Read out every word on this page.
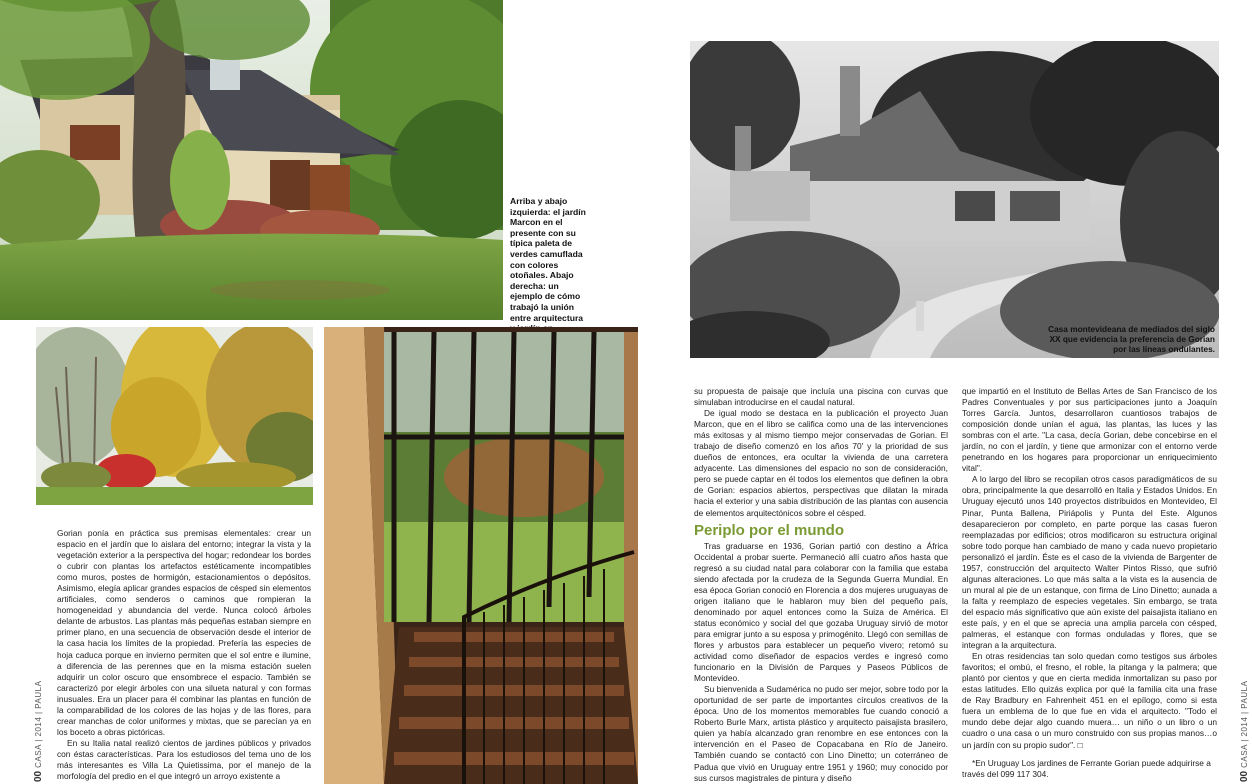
Arriba y abajo izquierda: el jardín Marcon en el presente con su típica paleta de verdes camuflada con colores otoñales. Abajo derecha: un ejemplo de cómo trabajó la unión entre arquitectura

Gorian ponía en práctica sus premisas elementales: crear un espacio en el jardín que lo aislara del entorno; integrar la vista y la vegetación exterior a la perspectiva del hogar; redondear los bordes o cubrir con plantas los artefactos estéticamente incompatibles como muros, postes de hormigón, estacionamientos o depósitos. Asimismo, elegía aplicar grandes espacios de césped sin elementos artificiales, como senderos o caminos que rompieran la homogeneidad y abundancia del verde. Nunca colocó árboles delante de arbustos. Las plantas más pequeñas estaban siempre en primer plano, en una secuencia de observación desde el interior de la casa hacia los límites de la propiedad. Prefería las especies de hoja caduca porque en invierno permiten que el sol entre e ilumine, a diferencia de las perennes que en la misma estación suelen adquirir un color oscuro que ensombrece el espacio. También se caracterizó por elegir árboles con una silueta natural y con formas inusuales. Era un placer para él combinar las plantas en función de la comparabilidad de los colores de las hojas y de las flores, para crear manchas de color uniformes y mixtas, que se parecían ya en los boceto a obras pictóricas.

En su Italia natal realizó cientos de jardines públicos y privados con éstas características. Para los estudiosos del tema uno de los más interesantes es Villa La Quietissima, por el manejo de la morfología del predio en el que integró un arroyo existente a

00CASA | 2014 | PAULA
Casa montevideana de mediados del siglo XX que evidencia la preferencia de Gorian por las líneas ondulantes.

su propuesta de paisaje que incluía una piscina con curvas que simulaban introducirse en el caudal natural.

De igual modo se destaca en la publicación el proyecto Juan Marcon, que en el libro se califica como una de las intervenciones más exitosas y al mismo tiempo mejor conservadas de Gorian. El trabajo de diseño comenzó en los años 70' y la prioridad de sus dueños de entonces, era ocultar la vivienda de una carretera adyacente. Las dimensiones del espacio no son de consideración, pero se puede captar en él todos los elementos que definen la obra de Gorian: espacios abiertos, perspectivas que dilatan la mirada hacia el exterior y una sabia distribución de las plantas con ausencia de elementos arquitectónicos sobre el césped.

Periplo por el mundo

Tras graduarse en 1936, Gorian partió con destino a África Occidental a probar suerte. Permaneció allí cuatro años hasta que regresó a su ciudad natal para colaborar con la familia que estaba siendo afectada por la crudeza de la Segunda Guerra Mundial. En esa época Gorian conoció en Florencia a dos mujeres uruguayas de origen italiano que le hablaron muy bien del pequeño país, denominado por aquel entonces como la Suiza de América. El status económico y social del que gozaba Uruguay sirvió de motor para emigrar junto a su esposa y primogénito. Llegó con semillas de flores y arbustos para establecer un pequeño vivero; retomó su actividad como diseñador de espacios verdes e ingresó como funcionario en la División de Parques y Paseos Públicos de Montevideo.

Su bienvenida a Sudamérica no pudo ser mejor, sobre todo por la oportunidad de ser parte de importantes círculos creativos de la época. Uno de los momentos memorables fue cuando conoció a Roberto Burle Marx, artista plástico y arquitecto paisajista brasilero, quien ya había alcanzado gran renombre en ese entonces con la intervención en el Paseo de Copacabana en Río de Janeiro. También cuando se contactó con Lino Dinetto; un coterráneo de Padua que vivió en Uruguay entre 1951 y 1960; muy conocido por sus cursos magistrales de pintura y diseño

que impartió en el Instituto de Bellas Artes de San Francisco de los Padres Conventuales y por sus participaciones junto a Joaquín Torres García. Juntos, desarrollaron cuantiosos trabajos de composición donde unían el agua, las plantas, las luces y las sombras con el arte. "La casa, decía Gorian, debe concebirse en el jardín, no con el jardín, y tiene que armonizar con el entorno verde penetrando en los hogares para proporcionar un enriquecimiento vital".

A lo largo del libro se recopilan otros casos paradigmáticos de su obra, principalmente la que desarrolló en Italia y Estados Unidos. En Uruguay ejecutó unos 140 proyectos distribuidos en Montevideo, El Pinar, Punta Ballena, Piriápolis y Punta del Este. Algunos desaparecieron por completo, en parte porque las casas fueron reemplazadas por edificios; otros modificaron su estructura original sobre todo porque han cambiado de mano y cada nuevo propietario personalizó el jardín. Éste es el caso de la vivienda de Bargenter de 1957, construcción del arquitecto Walter Pintos Risso, que sufrió algunas alteraciones. Lo que más salta a la vista es la ausencia de un mural al pie de un estanque, con firma de Lino Dinetto; aunada a la falta y reemplazo de especies vegetales. Sin embargo, se trata del espacio más significativo que aún existe del paisajista italiano en este país, y en el que se aprecia una amplia parcela con césped, palmeras, el estanque con formas onduladas y flores, que se integran a la arquitectura.

En otras residencias tan solo quedan como testigos sus árboles favoritos; el ombú, el fresno, el roble, la pitanga y la palmera; que plantó por cientos y que en cierta medida inmortalizan su paso por estas latitudes. Ello quizás explica por qué la familia cita una frase de Ray Bradbury en Fahrenheit 451 en el epílogo, como si esta fuera un emblema de lo que fue en vida el arquitecto. "Todo el mundo debe dejar algo cuando muera… un niño o un libro o un cuadro o una casa o un muro construido con sus propias manos…o un jardín con su propio sudor". □

*En Uruguay Los jardines de Ferrante Gorian puede adquirirse a través del 099 117 304.	00CASA | 2014 | PAULA
